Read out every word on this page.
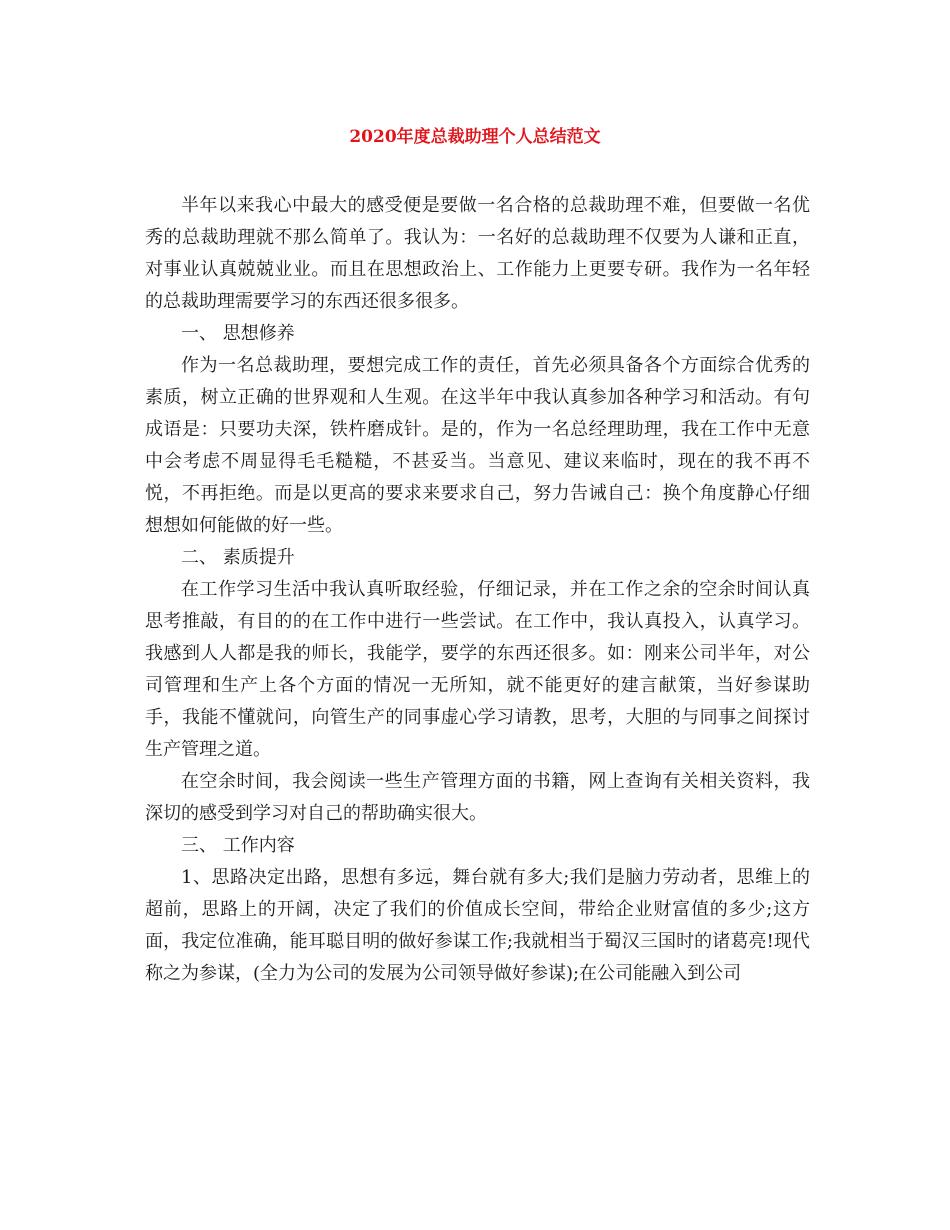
2020年度总裁助理个人总结范文

半年以来我心中最大的感受便是要做一名合格的总裁助理不难，但要做一名优秀的总裁助理就不那么简单了。我认为：一名好的总裁助理不仅要为人谦和正直，对事业认真兢兢业业。而且在思想政治上、工作能力上更要专研。我作为一名年轻的总裁助理需要学习的东西还很多很多。

一、 思想修养

作为一名总裁助理，要想完成工作的责任，首先必须具备各个方面综合优秀的素质，树立正确的世界观和人生观。在这半年中我认真参加各种学习和活动。有句成语是：只要功夫深，铁杵磨成针。是的，作为一名总经理助理，我在工作中无意中会考虑不周显得毛毛糙糙，不甚妥当。当意见、建议来临时，现在的我不再不悦，不再拒绝。而是以更高的要求来要求自己，努力告诫自己：换个角度静心仔细想想如何能做的好一些。

二、 素质提升

在工作学习生活中我认真听取经验，仔细记录，并在工作之余的空余时间认真思考推敲，有目的的在工作中进行一些尝试。在工作中，我认真投入，认真学习。我感到人人都是我的师长，我能学，要学的东西还很多。如：刚来公司半年，对公司管理和生产上各个方面的情况一无所知，就不能更好的建言献策，当好参谋助手，我能不懂就问，向管生产的同事虚心学习请教，思考，大胆的与同事之间探讨生产管理之道。

在空余时间，我会阅读一些生产管理方面的书籍，网上查询有关相关资料，我深切的感受到学习对自己的帮助确实很大。

三、 工作内容

1、思路决定出路，思想有多远，舞台就有多大;我们是脑力劳动者，思维上的超前，思路上的开阔，决定了我们的价值成长空间，带给企业财富值的多少;这方面，我定位准确，能耳聪目明的做好参谋工作;我就相当于蜀汉三国时的诸葛亮!现代称之为参谋，(全力为公司的发展为公司领导做好参谋);在公司能融入到公司
